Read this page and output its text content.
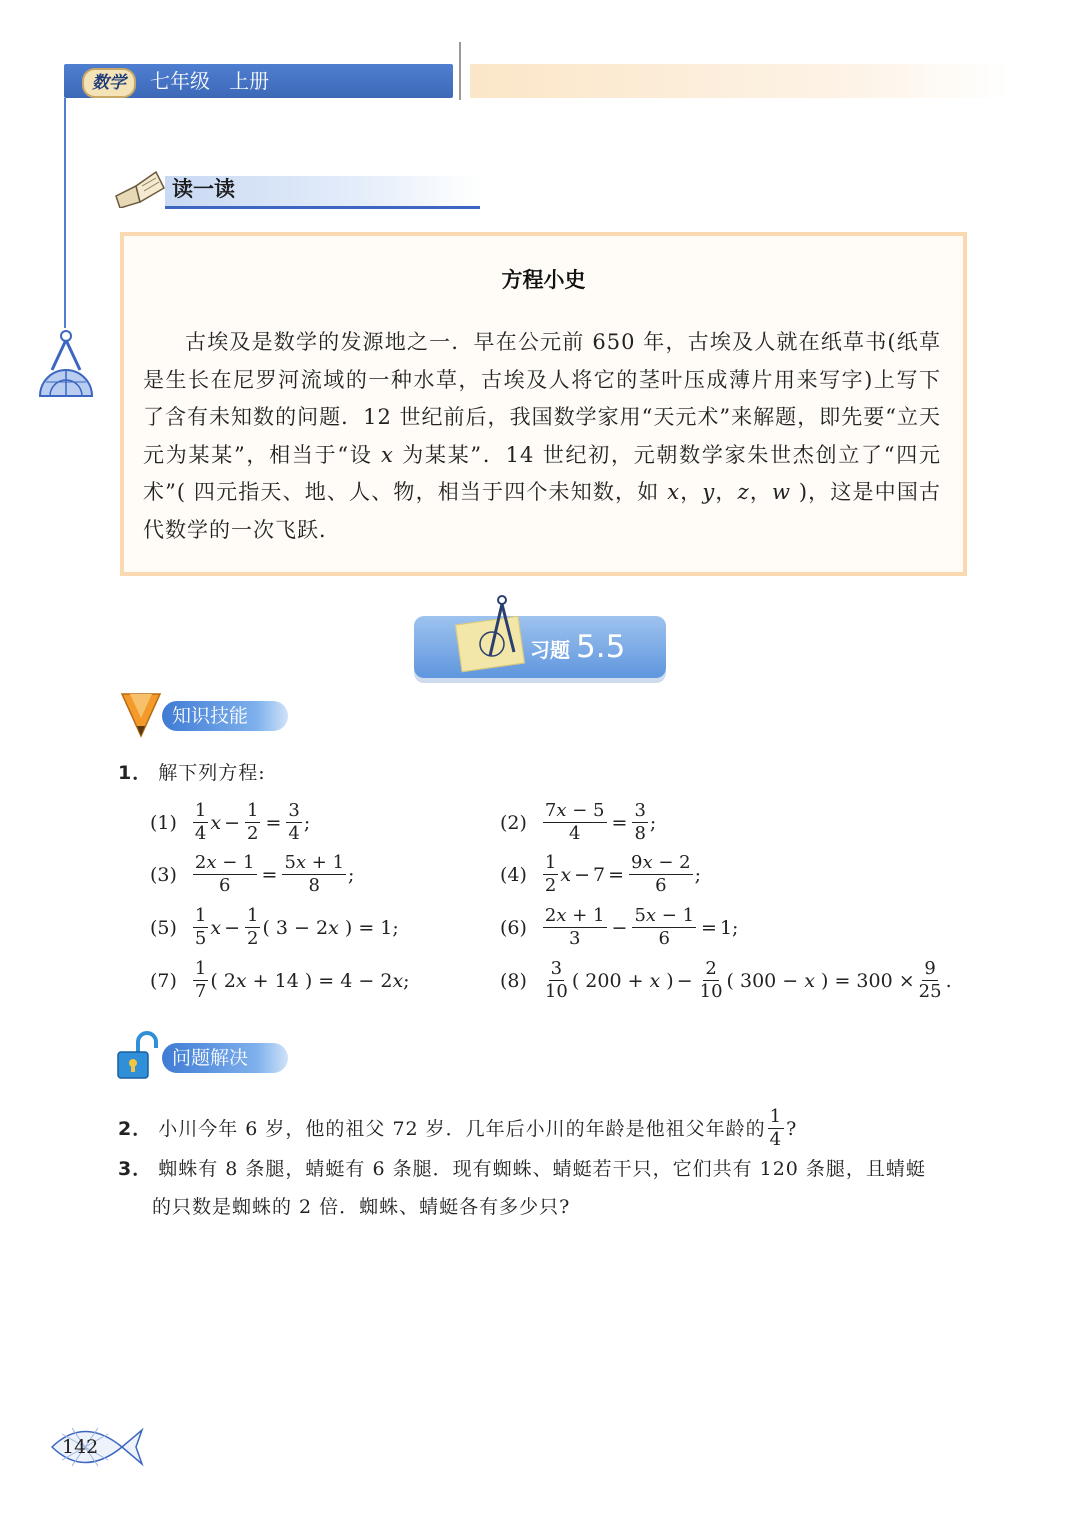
数学	七年级   上册
读一读
方程小史
古埃及是数学的发源地之一．早在公元前 650 年，古埃及人就在纸草书(纸草是生长在尼罗河流域的一种水草，古埃及人将它的茎叶压成薄片用来写字)上写下了含有未知数的问题．12 世纪前后，我国数学家用“天元术”来解题，即先要“立天元为某某”，相当于“设 x 为某某”．14 世纪初，元朝数学家朱世杰创立了“四元术”( 四元指天、地、人、物，相当于四个未知数，如 x，y，z，w )，这是中国古代数学的一次飞跃．
习题 5.5
知识技能
1． 解下列方程:
$(1) \frac{1}{4}$ $x - \frac{1}{2} = \frac{3}{4}$ ;	$(2) \frac{7x - 5}{4} = \frac{3}{8}$ ;
$(3) \frac{2x - 1}{6} = \frac{5x + 1}{8}$ ;	$(4) \frac{1}{2}$ $x - 7 = \frac{9x - 2}{6}$ ;
$(5) \frac{1}{5}$ $x - \frac{1}{2}$ ( 3 − 2x ) = 1;	$(6) \frac{2x + 1}{3} - \frac{5x - 1}{6} = 1$;
$(7) \frac{1}{7}$ ( 2x + 14 ) = 4 − 2x;	$(8) \frac{3}{10}$ ( 200 + x ) − $\frac{2}{10}$ ( 300 − x ) = $300 \times \frac{9}{25}$ .
问题解决
2． 小川今年 6 岁，他的祖父 72 岁．几年后小川的年龄是他祖父年龄的 $\frac{1}{4}$ ?
3． 蜘蛛有 8 条腿，蜻蜓有 6 条腿．现有蜘蛛、蜻蜓若干只，它们共有 120 条腿，且蜻蜓
的只数是蜘蛛的 2 倍．蜘蛛、蜻蜓各有多少只?
142
